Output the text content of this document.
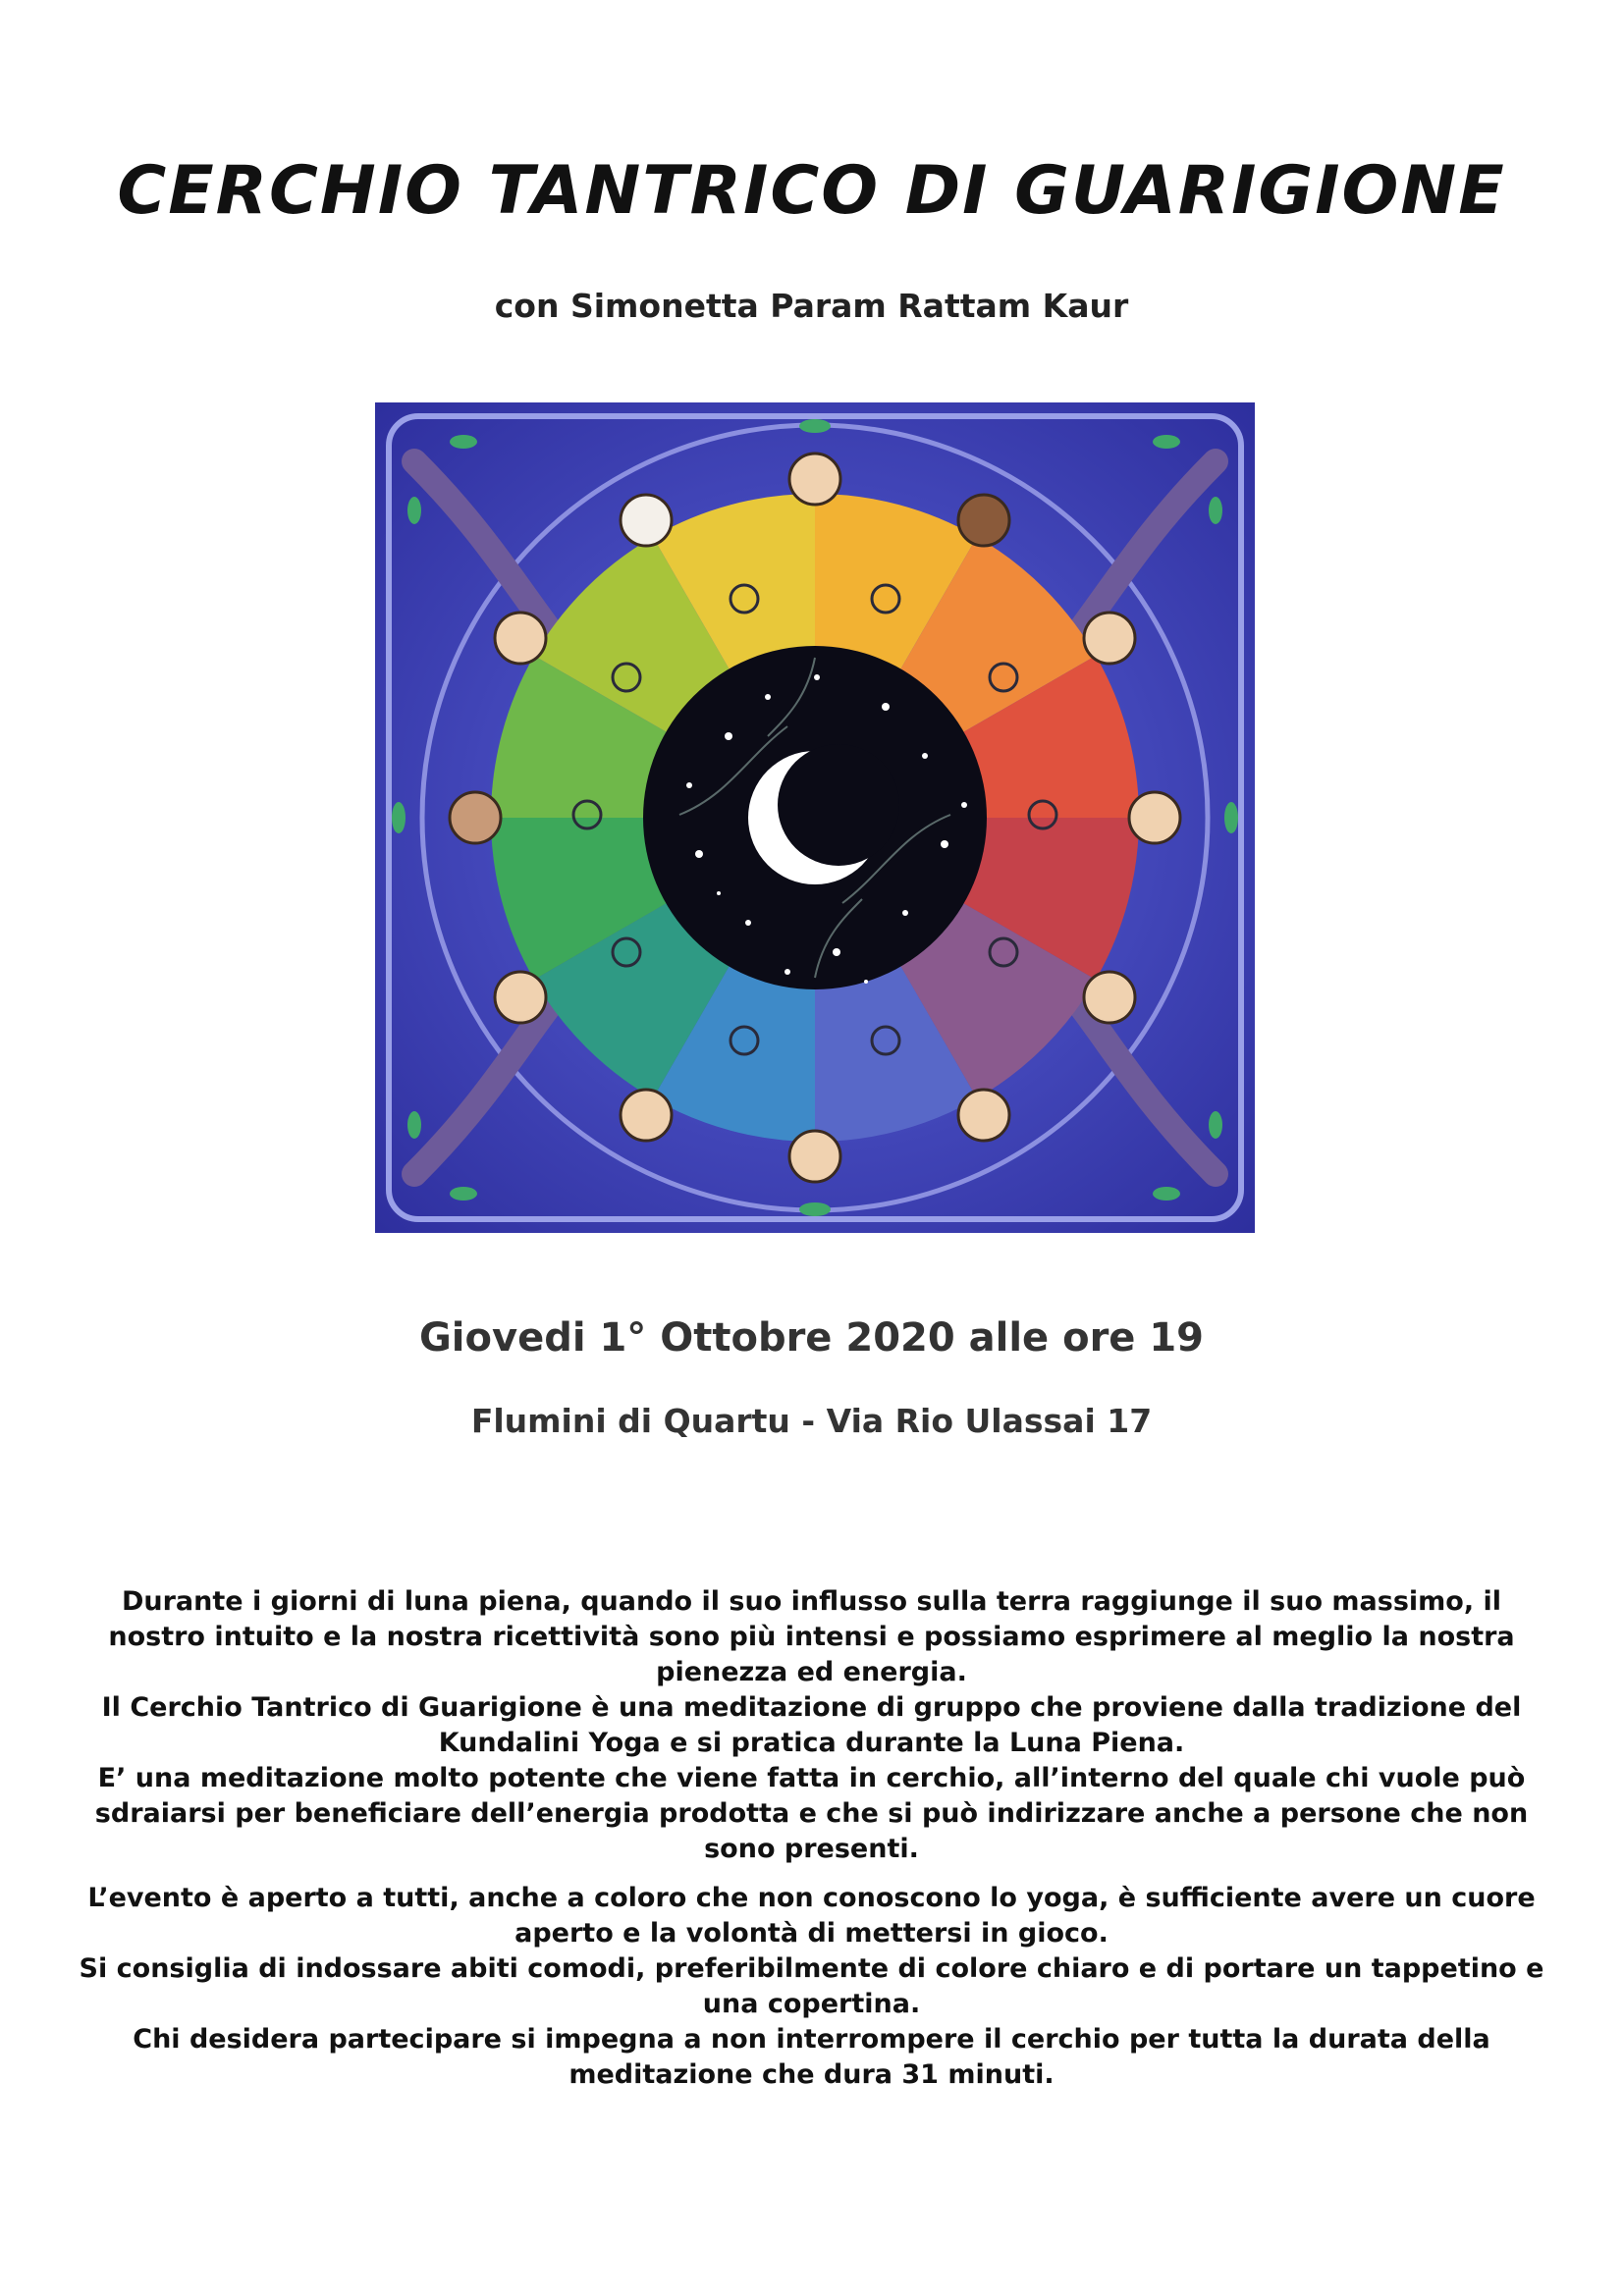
CERCHIO TANTRICO DI GUARIGIONE
con Simonetta Param Rattam Kaur
Giovedi 1° Ottobre 2020 alle ore 19
Flumini di Quartu - Via Rio Ulassai 17

Durante i giorni di luna piena, quando il suo influsso sulla terra raggiunge il suo massimo, il nostro intuito e la nostra ricettività sono più intensi e possiamo esprimere al meglio la nostra pienezza ed energia.

Il Cerchio Tantrico di Guarigione è una meditazione di gruppo che proviene dalla tradizione del Kundalini Yoga e si pratica durante la Luna Piena.

E’ una meditazione molto potente che viene fatta in cerchio, all’interno del quale chi vuole può sdraiarsi per beneficiare dell’energia prodotta e che si può indirizzare anche a persone che non sono presenti.

L’evento è aperto a tutti, anche a coloro che non conoscono lo yoga, è sufficiente avere un cuore aperto e la volontà di mettersi in gioco.

Si consiglia di indossare abiti comodi, preferibilmente di colore chiaro e di portare un tappetino e una copertina.

Chi desidera partecipare si impegna a non interrompere il cerchio per tutta la durata della meditazione che dura 31 minuti.
